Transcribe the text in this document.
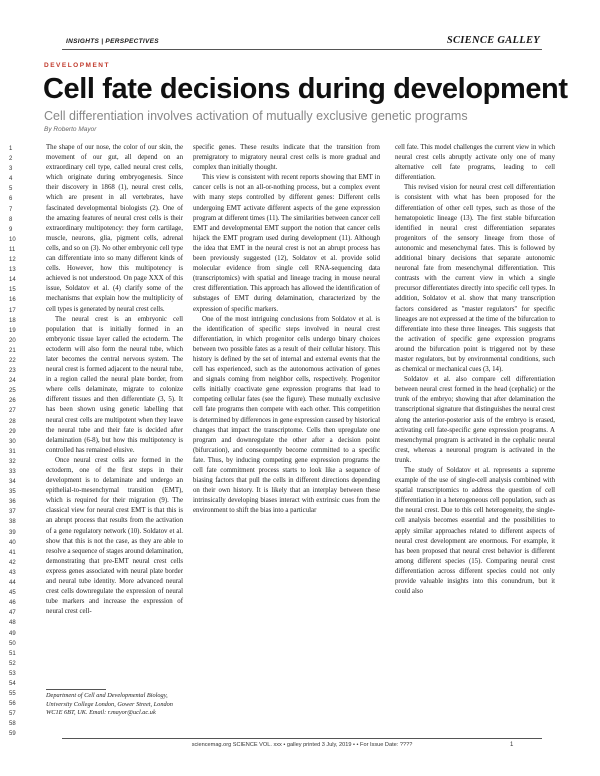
INSIGHTS | PERSPECTIVES	SCIENCE GALLEY
DEVELOPMENT
Cell fate decisions during development
Cell differentiation involves activation of mutually exclusive genetic programs
By Roberto Mayor
1
2
3
4
5
6
7
8
9
10
11
12
13
14
15
16
17
18
19
20
21
22
23
24
25
26
27
28
29
30
31
32
33
34
35
36
37
38
39
40
41
42
43
44
45
46
47
48
49
50
51
52
53
54
55
56
57
58
59

The shape of our nose, the color of our skin, the movement of our gut, all depend on an extraordinary cell type, called neural crest cells, which originate during embryogenesis. Since their discovery in 1868 (1), neural crest cells, which are present in all vertebrates, have fascinated developmental biologists (2). One of the amazing features of neural crest cells is their extraordinary multipotency: they form cartilage, muscle, neurons, glia, pigment cells, adrenal cells, and so on (3). No other embryonic cell type can differentiate into so many different kinds of cells. However, how this multipotency is achieved is not understood. On page XXX of this issue, Soldatov et al. (4) clarify some of the mechanisms that explain how the multiplicity of cell types is generated by neural crest cells.

The neural crest is an embryonic cell population that is initially formed in an embryonic tissue layer called the ectoderm. The ectoderm will also form the neural tube, which later becomes the central nervous system. The neural crest is formed adjacent to the neural tube, in a region called the neural plate border, from where cells delaminate, migrate to colonize different tissues and then differentiate (3, 5). It has been shown using genetic labelling that neural crest cells are multipotent when they leave the neural tube and their fate is decided after delamination (6-8), but how this multipotency is controlled has remained elusive.

Once neural crest cells are formed in the ectoderm, one of the first steps in their development is to delaminate and undergo an epithelial-to-mesenchymal transition (EMT), which is required for their migration (9). The classical view for neural crest EMT is that this is an abrupt process that results from the activation of a gene regulatory network (10). Soldatov et al. show that this is not the case, as they are able to resolve a sequence of stages around delamination, demonstrating that pre-EMT neural crest cells express genes associated with neural plate border and neural tube identity. More advanced neural crest cells downregulate the expression of neural tube markers and increase the expression of neural crest cell-

specific genes. These results indicate that the transition from premigratory to migratory neural crest cells is more gradual and complex than initially thought.

This view is consistent with recent reports showing that EMT in cancer cells is not an all-or-nothing process, but a complex event with many steps controlled by different genes: Different cells undergoing EMT activate different aspects of the gene expression program at different times (11). The similarities between cancer cell EMT and developmental EMT support the notion that cancer cells hijack the EMT program used during development (11). Although the idea that EMT in the neural crest is not an abrupt process has been previously suggested (12), Soldatov et al. provide solid molecular evidence from single cell RNA-sequencing data (transcriptomics) with spatial and lineage tracing in mouse neural crest differentiation. This approach has allowed the identification of substages of EMT during delamination, characterized by the expression of specific markers.

One of the most intriguing conclusions from Soldatov et al. is the identification of specific steps involved in neural crest differentiation, in which progenitor cells undergo binary choices between two possible fates as a result of their cellular history. This history is defined by the set of internal and external events that the cell has experienced, such as the autonomous activation of genes and signals coming from neighbor cells, respectively. Progenitor cells initially coactivate gene expression programs that lead to competing cellular fates (see the figure). These mutually exclusive cell fate programs then compete with each other. This competition is determined by differences in gene expression caused by historical changes that impact the transcriptome. Cells then upregulate one program and downregulate the other after a decision point (bifurcation), and consequently become committed to a specific fate. Thus, by inducing competing gene expression programs the cell fate commitment process starts to look like a sequence of biasing factors that pull the cells in different directions depending on their own history. It is likely that an interplay between these intrinsically developing biases interact with extrinsic cues from the environment to shift the bias into a particular

cell fate. This model challenges the current view in which neural crest cells abruptly activate only one of many alternative cell fate programs, leading to cell differentiation.

This revised vision for neural crest cell differentiation is consistent with what has been proposed for the differentiation of other cell types, such as those of the hematopoietic lineage (13). The first stable bifurcation identified in neural crest differentiation separates progenitors of the sensory lineage from those of autonomic and mesenchymal fates. This is followed by additional binary decisions that separate autonomic neuronal fate from mesenchymal differentiation. This contrasts with the current view in which a single precursor differentiates directly into specific cell types. In addition, Soldatov et al. show that many transcription factors considered as "master regulators" for specific lineages are not expressed at the time of the bifurcation to differentiate into these three lineages. This suggests that the activation of specific gene expression programs around the bifurcation point is triggered not by these master regulators, but by environmental conditions, such as chemical or mechanical cues (3, 14).

Soldatov et al. also compare cell differentiation between neural crest formed in the head (cephalic) or the trunk of the embryo; showing that after delamination the transcriptional signature that distinguishes the neural crest along the anterior-posterior axis of the embryo is erased, activating cell fate-specific gene expression programs. A mesenchymal program is activated in the cephalic neural crest, whereas a neuronal program is activated in the trunk.

The study of Soldatov et al. represents a supreme example of the use of single-cell analysis combined with spatial transcriptomics to address the question of cell differentiation in a heterogeneous cell population, such as the neural crest. Due to this cell heterogeneity, the single-cell analysis becomes essential and the possibilities to apply similar approaches related to different aspects of neural crest development are enormous. For example, it has been proposed that neural crest behavior is different among different species (15). Comparing neural crest differentiation across different species could not only provide valuable insights into this conundrum, but it could also

Department of Cell and Developmental Biology, University College London, Gower Street, London WC1E 6BT, UK. Email: r.mayor@ucl.ac.uk
sciencemag.org SCIENCE VOL. xxx • galley printed 3 July, 2019 • • For Issue Date: ????	1
